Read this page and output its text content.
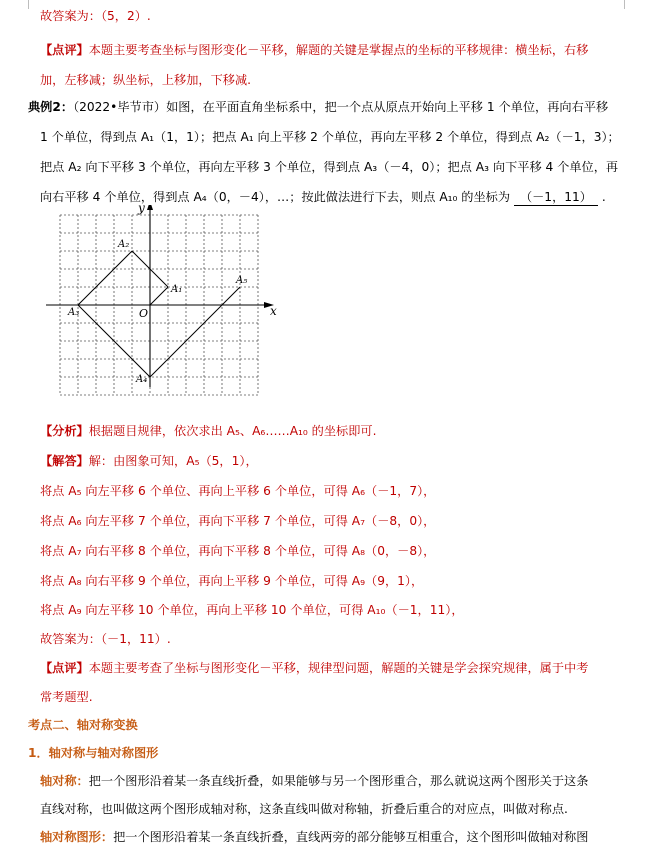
故答案为：（5，2）.
【点评】本题主要考查坐标与图形变化－平移，解题的关键是掌握点的坐标的平移规律：横坐标，右移
加，左移减；纵坐标，上移加，下移减.
典例2：（2022•毕节市）如图，在平面直角坐标系中，把一个点从原点开始向上平移 1 个单位，再向右平移
1 个单位，得到点 A₁（1，1）；把点 A₁ 向上平移 2 个单位，再向左平移 2 个单位，得到点 A₂（－1，3）；
把点 A₂ 向下平移 3 个单位，再向左平移 3 个单位，得到点 A₃（－4，0）；把点 A₃ 向下平移 4 个单位，再
向右平移 4 个单位，得到点 A₄（0，－4），…；按此做法进行下去，则点 A₁₀ 的坐标为 （－1，11） .
x
y
O
A₁
A₂
A₃
A₄
A₅
【分析】根据题目规律，依次求出 A₅、A₆……A₁₀ 的坐标即可.
【解答】解：由图象可知，A₅（5，1），
将点 A₅ 向左平移 6 个单位、再向上平移 6 个单位，可得 A₆（－1，7），
将点 A₆ 向左平移 7 个单位，再向下平移 7 个单位，可得 A₇（－8，0），
将点 A₇ 向右平移 8 个单位，再向下平移 8 个单位，可得 A₈（0，－8），
将点 A₈ 向右平移 9 个单位，再向上平移 9 个单位，可得 A₉（9，1），
将点 A₉ 向左平移 10 个单位，再向上平移 10 个单位，可得 A₁₀（－1，11），
故答案为：（－1，11）.
【点评】本题主要考查了坐标与图形变化－平移，规律型问题，解题的关键是学会探究规律，属于中考
常考题型.
考点二、轴对称变换
1．轴对称与轴对称图形
轴对称：把一个图形沿着某一条直线折叠，如果能够与另一个图形重合，那么就说这两个图形关于这条
直线对称，也叫做这两个图形成轴对称，这条直线叫做对称轴，折叠后重合的对应点，叫做对称点.
轴对称图形：把一个图形沿着某一条直线折叠，直线两旁的部分能够互相重合，这个图形叫做轴对称图
